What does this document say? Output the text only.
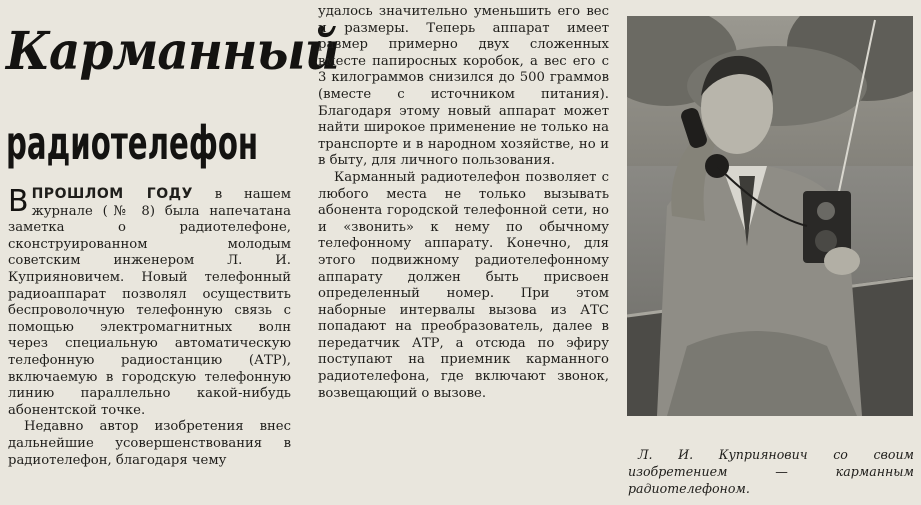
Карманный
радиотелефон

ВПРОШЛОМ ГОДУ в нашем журнале (№ 8) была напечатана заметка о радиотелефоне, сконструированном молодым советским инженером Л. И. Куприяновичем. Новый телефонный радиоаппарат позволял осуществить беспроволочную телефонную связь с помощью электромагнитных волн через специальную автоматическую телефонную радиостанцию (АТР), включаемую в городскую телефонную линию параллельно какой-нибудь абонентской точке.

Недавно автор изобретения внес дальнейшие усовершенствования в радиотелефон, благодаря чему

удалось значительно уменьшить его вес и размеры. Теперь аппарат имеет размер примерно двух сложенных вместе папиросных коробок, а вес его с 3 килограммов снизился до 500 граммов (вместе с источником питания). Благодаря этому новый аппарат может найти широкое применение не только на транспорте и в народном хозяйстве, но и в быту, для личного пользования.

Карманный радиотелефон позволяет с любого места не только вызывать абонента городской телефонной сети, но и «звонить» к нему по обычному телефонному аппарату. Конечно, для этого подвижному радиотелефонному аппарату должен быть присвоен определенный номер. При этом наборные интервалы вызова из АТС попадают на преобразователь, далее в передатчик АТР, а отсюда по эфиру поступают на приемник карманного радиотелефона, где включают звонок, возвещающий о вызове.

Л. И. Куприянович со своим изобретением — карманным радиотелефоном.
